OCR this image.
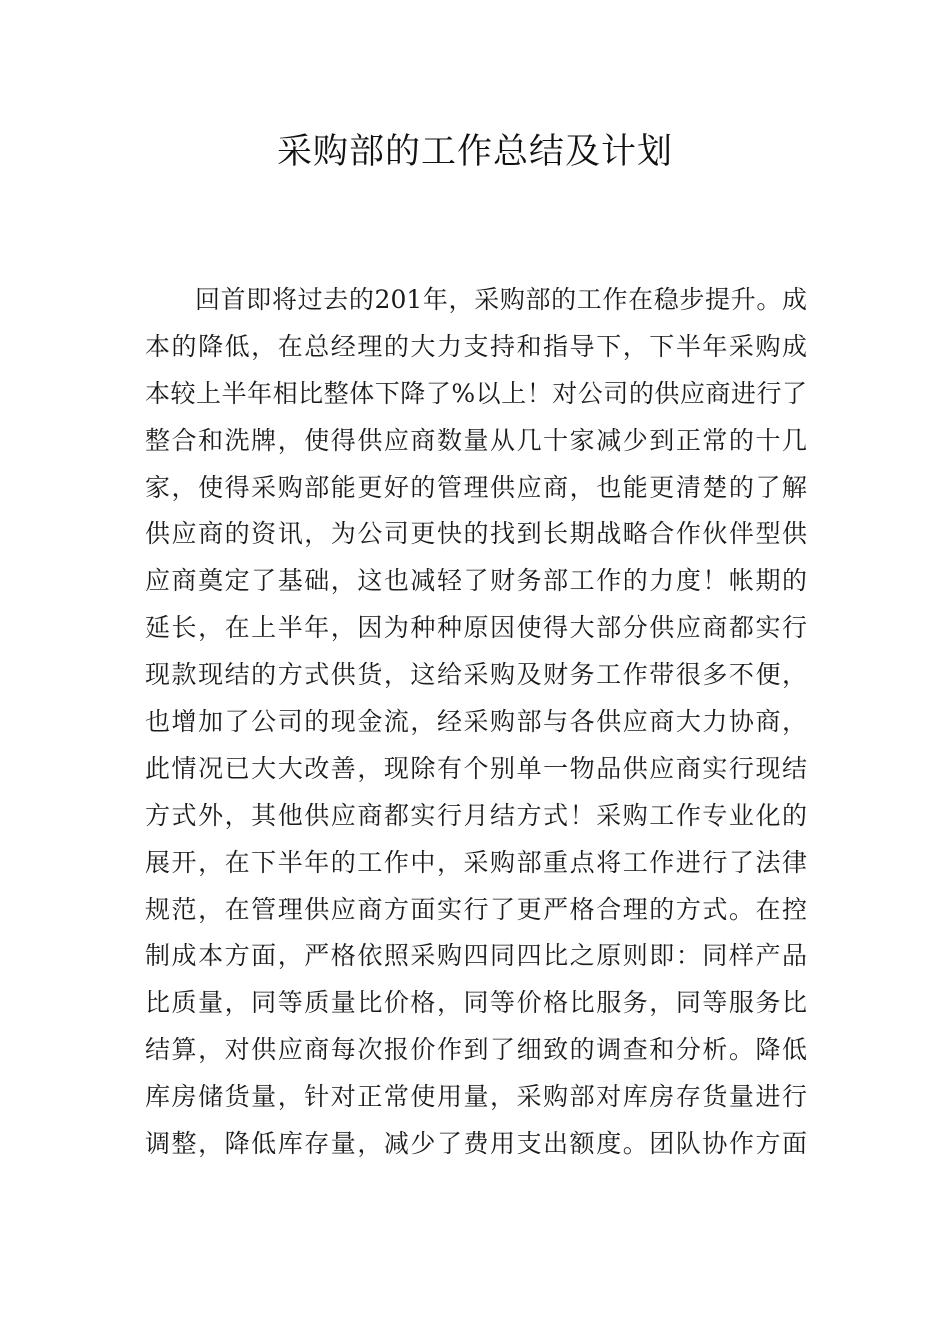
采购部的工作总结及计划
回首即将过去的201年，采购部的工作在稳步提升。成
本的降低，在总经理的大力支持和指导下，下半年采购成
本较上半年相比整体下降了%以上！对公司的供应商进行了
整合和洗牌，使得供应商数量从几十家减少到正常的十几
家，使得采购部能更好的管理供应商，也能更清楚的了解
供应商的资讯，为公司更快的找到长期战略合作伙伴型供
应商奠定了基础，这也减轻了财务部工作的力度！帐期的
延长，在上半年，因为种种原因使得大部分供应商都实行
现款现结的方式供货，这给采购及财务工作带很多不便，
也增加了公司的现金流，经采购部与各供应商大力协商，
此情况已大大改善，现除有个别单一物品供应商实行现结
方式外，其他供应商都实行月结方式！采购工作专业化的
展开，在下半年的工作中，采购部重点将工作进行了法律
规范，在管理供应商方面实行了更严格合理的方式。在控
制成本方面，严格依照采购四同四比之原则即：同样产品
比质量，同等质量比价格，同等价格比服务，同等服务比
结算，对供应商每次报价作到了细致的调查和分析。降低
库房储货量，针对正常使用量，采购部对库房存货量进行
调整，降低库存量，减少了费用支出额度。团队协作方面
